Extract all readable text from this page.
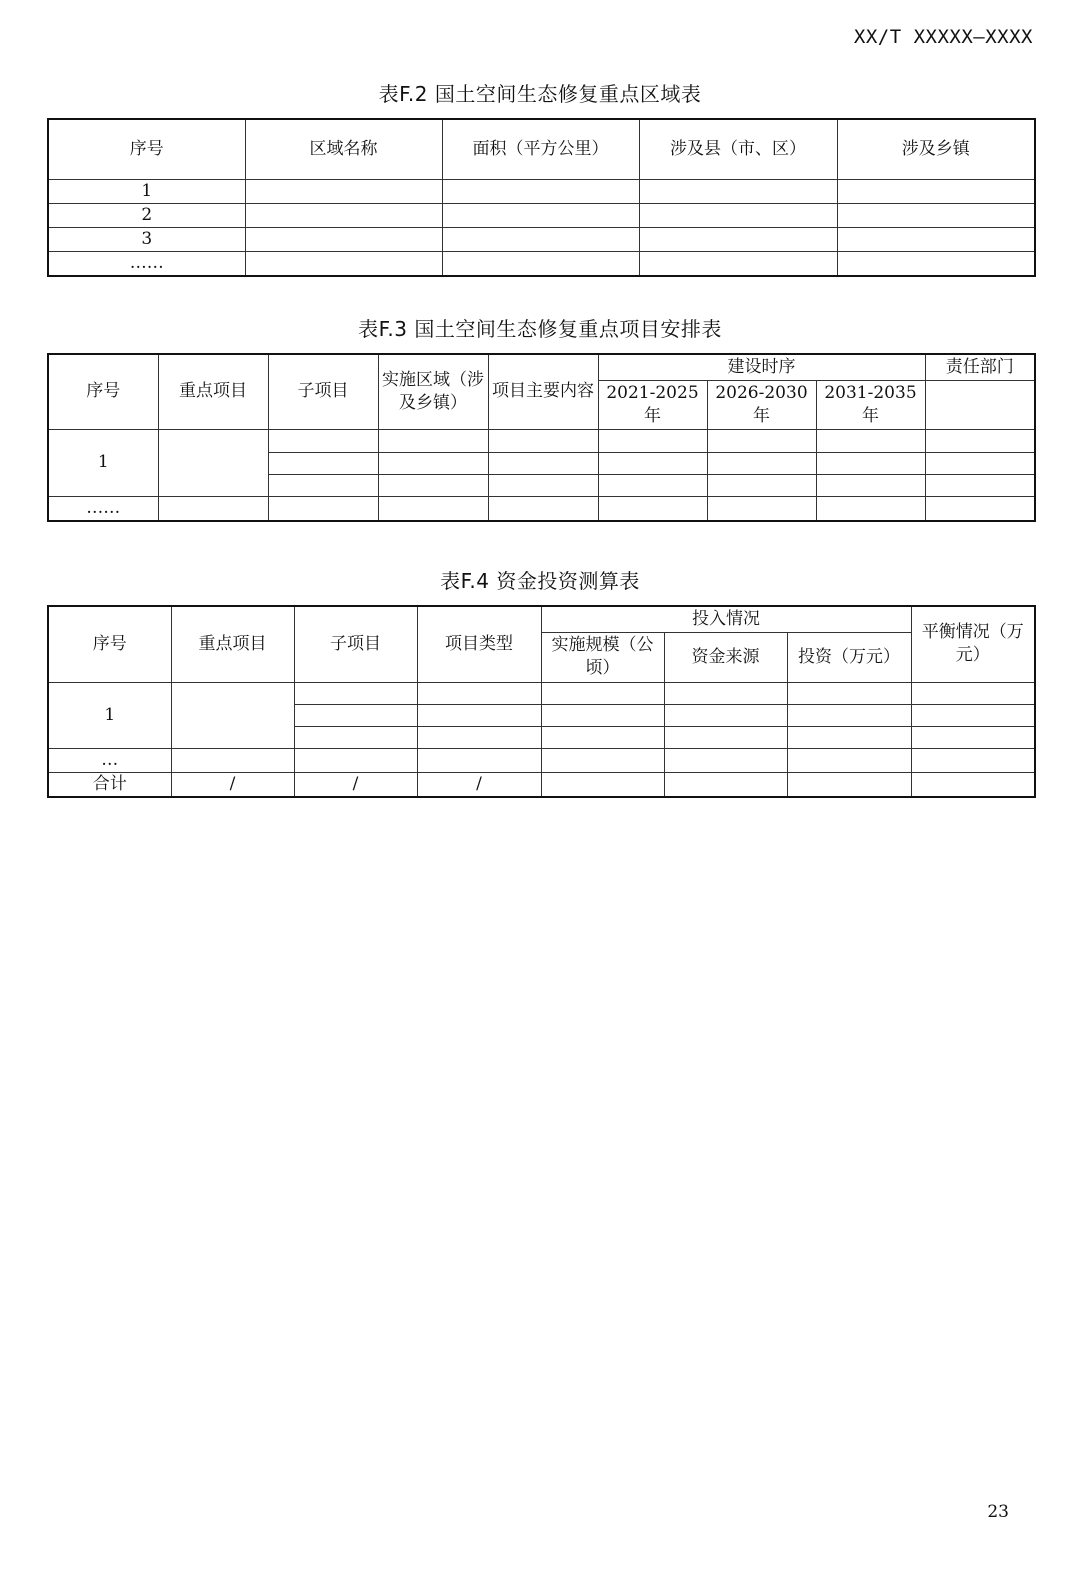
XX/T XXXXX—XXXX
表F.2 国土空间生态修复重点区域表
序号	区域名称	面积（平方公里）	涉及县（市、区）	涉及乡镇
1				
2				
3				
……				
表F.3 国土空间生态修复重点项目安排表
序号	重点项目	子项目	实施区域（涉及乡镇）	项目主要内容	建设时序			责任部门
					2021-2025年	2026-2030年	2031-2035年	
1								

……								
表F.4 资金投资测算表
序号	重点项目	子项目	项目类型	投入情况			平衡情况（万元）
				实施规模（公顷）	资金来源	投资（万元）	
1							

…							
合计	/	/	/				
23
